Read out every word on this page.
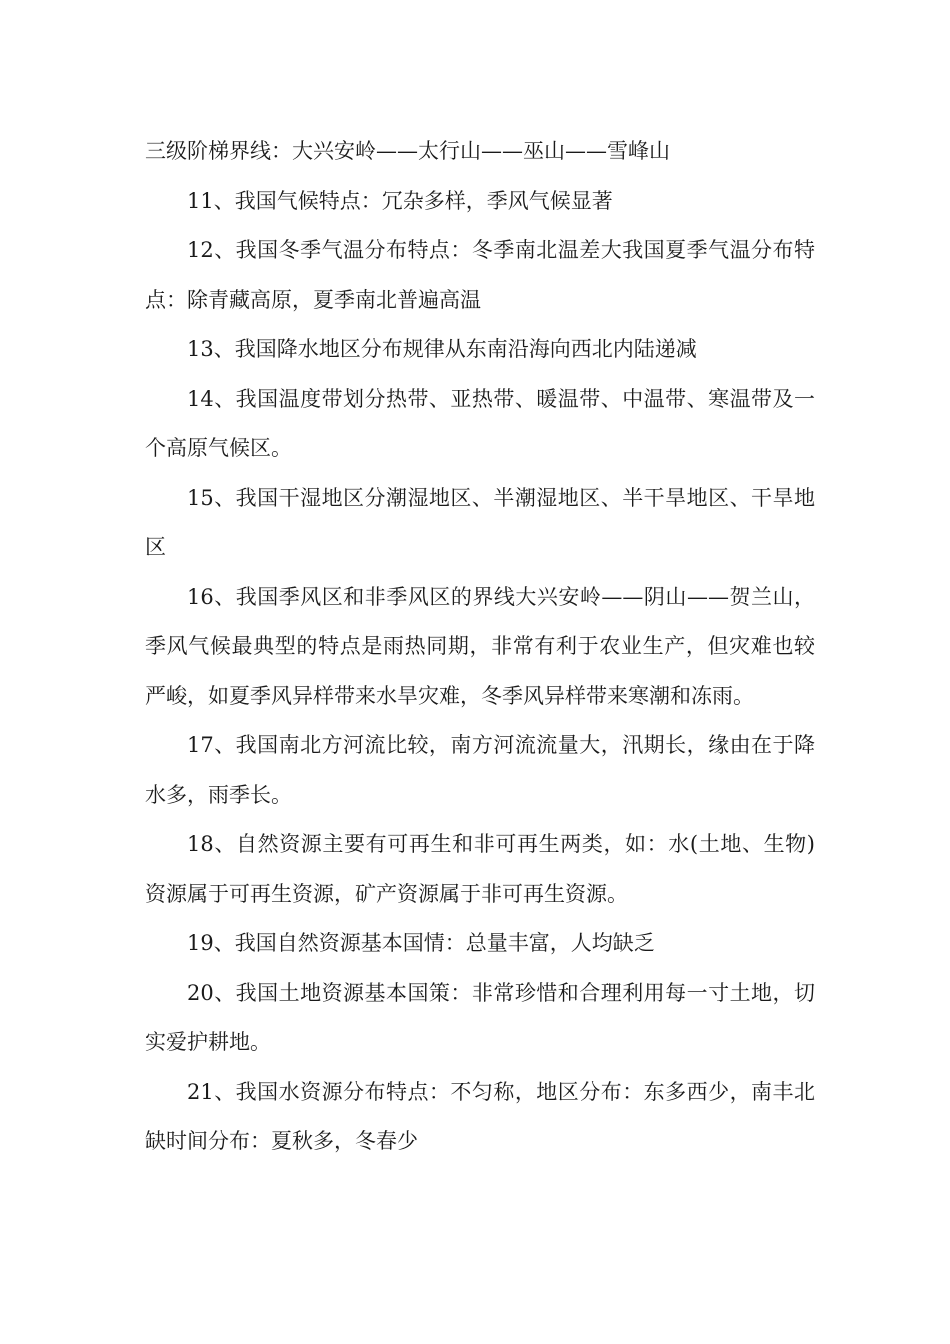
三级阶梯界线：大兴安岭——太行山——巫山——雪峰山

11、我国气候特点：冗杂多样，季风气候显著

12、我国冬季气温分布特点：冬季南北温差大我国夏季气温分布特点：除青藏高原，夏季南北普遍高温

13、我国降水地区分布规律从东南沿海向西北内陆递减

14、我国温度带划分热带、亚热带、暖温带、中温带、寒温带及一个高原气候区。

15、我国干湿地区分潮湿地区、半潮湿地区、半干旱地区、干旱地区

16、我国季风区和非季风区的界线大兴安岭——阴山——贺兰山，季风气候最典型的特点是雨热同期，非常有利于农业生产，但灾难也较严峻，如夏季风异样带来水旱灾难，冬季风异样带来寒潮和冻雨。

17、我国南北方河流比较，南方河流流量大，汛期长，缘由在于降水多，雨季长。

18、自然资源主要有可再生和非可再生两类，如：水(土地、生物)资源属于可再生资源，矿产资源属于非可再生资源。

19、我国自然资源基本国情：总量丰富，人均缺乏

20、我国土地资源基本国策：非常珍惜和合理利用每一寸土地，切实爱护耕地。

21、我国水资源分布特点：不匀称，地区分布：东多西少，南丰北缺时间分布：夏秋多，冬春少
